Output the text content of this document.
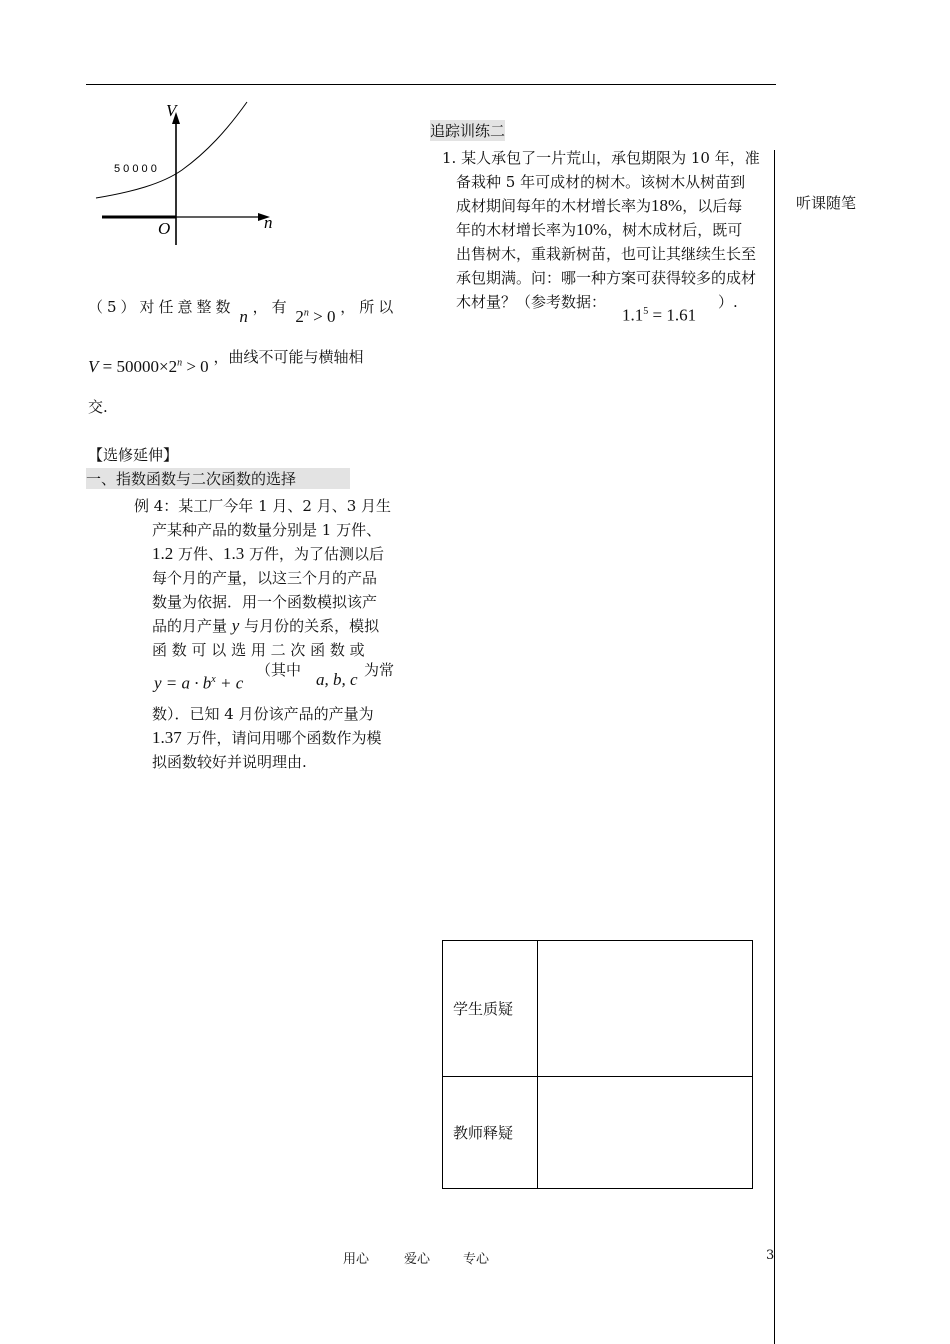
V
n
O
5 0 0 0 0
（5）对任意整数 n ，有 $2^n > 0$ ，所以
$V = 50000\times 2^n > 0$ ，曲线不可能与横轴相
交.
【选修延伸】
一、指数函数与二次函数的选择
例 4：某工厂今年 1 月、2 月、3 月生
产某种产品的数量分别是 1 万件、
1.2 万件、1.3 万件，为了估测以后
每个月的产量，以这三个月的产品
数量为依据．用一个函数模拟该产
品的月产量 y 与月份的关系，模拟
函 数 可 以 选 用 二 次 函 数 或
$y = a \cdot b^x + c$
（其中 a, b, c 为常
数）．已知 4 月份该产品的产量为
1.37 万件，请问用哪个函数作为模
拟函数较好并说明理由.
追踪训练二
1. 某人承包了一片荒山，承包期限为 10 年，准
备栽种 5 年可成材的树木。该树木从树苗到
成材期间每年的木材增长率为18%，以后每
年的木材增长率为10%，树木成材后，既可
出售树木，重栽新树苗，也可让其继续生长至
承包期满。问：哪一种方案可获得较多的成材
木材量？（参考数据：
$1.1^5 = 1.61$
）.
听课随笔
学生质疑	
教师释疑	
用心	爱心	专心	3
